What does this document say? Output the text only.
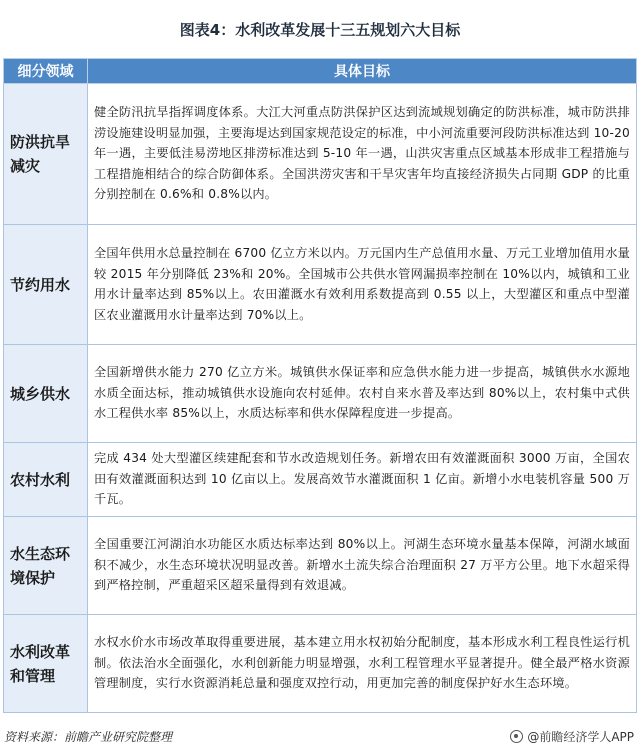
图表4：水利改革发展十三五规划六大目标
细分领域	具体目标
防洪抗旱减灾	健全防汛抗旱指挥调度体系。大江大河重点防洪保护区达到流域规划确定的防洪标准，城市防洪排涝设施建设明显加强，主要海堤达到国家规范设定的标准，中小河流重要河段防洪标准达到 10-20 年一遇，主要低洼易涝地区排涝标准达到 5-10 年一遇，山洪灾害重点区域基本形成非工程措施与工程措施相结合的综合防御体系。全国洪涝灾害和干旱灾害年均直接经济损失占同期 GDP 的比重分别控制在 0.6%和 0.8%以内。
节约用水	全国年供用水总量控制在 6700 亿立方米以内。万元国内生产总值用水量、万元工业增加值用水量较 2015 年分别降低 23%和 20%。全国城市公共供水管网漏损率控制在 10%以内，城镇和工业用水计量率达到 85%以上。农田灌溉水有效利用系数提高到 0.55 以上，大型灌区和重点中型灌区农业灌溉用水计量率达到 70%以上。
城乡供水	全国新增供水能力 270 亿立方米。城镇供水保证率和应急供水能力进一步提高，城镇供水水源地水质全面达标，推动城镇供水设施向农村延伸。农村自来水普及率达到 80%以上，农村集中式供水工程供水率 85%以上，水质达标率和供水保障程度进一步提高。
农村水利	完成 434 处大型灌区续建配套和节水改造规划任务。新增农田有效灌溉面积 3000 万亩，全国农田有效灌溉面积达到 10 亿亩以上。发展高效节水灌溉面积 1 亿亩。新增小水电装机容量 500 万千瓦。
水生态环境保护	全国重要江河湖泊水功能区水质达标率达到 80%以上。河湖生态环境水量基本保障，河湖水域面积不减少，水生态环境状况明显改善。新增水土流失综合治理面积 27 万平方公里。地下水超采得到严格控制，严重超采区超采量得到有效退减。
水利改革和管理	水权水价水市场改革取得重要进展，基本建立用水权初始分配制度，基本形成水利工程良性运行机制。依法治水全面强化，水利创新能力明显增强，水利工程管理水平显著提升。健全最严格水资源管理制度，实行水资源消耗总量和强度双控行动，用更加完善的制度保护好水生态环境。
资料来源：前瞻产业研究院整理	@前瞻经济学人APP
